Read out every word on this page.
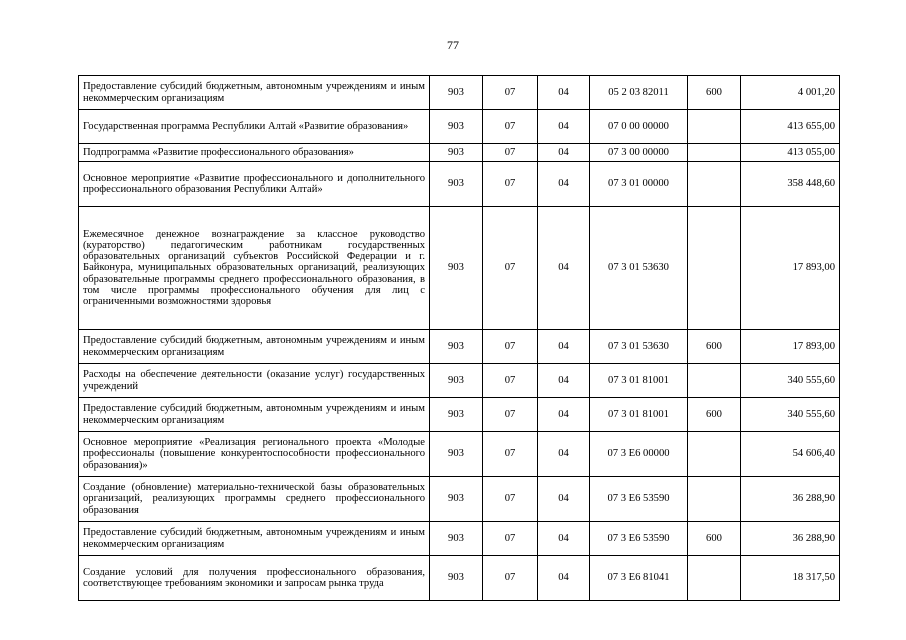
77
Предоставление субсидий бюджетным, автономным учреждениям и иным некоммерческим организациям	903	07	04	05 2 03 82011	600	4 001,20
Государственная программа Республики Алтай «Развитие образования»	903	07	04	07 0 00 00000		413 655,00
Подпрограмма «Развитие профессионального образования»	903	07	04	07 3 00 00000		413 055,00
Основное мероприятие «Развитие профессионального и дополнительного профессионального образования Республики Алтай»	903	07	04	07 3 01 00000		358 448,60
Ежемесячное денежное вознаграждение за классное руководство (кураторство) педагогическим работникам государственных образовательных организаций субъектов Российской Федерации и г. Байконура, муниципальных образовательных организаций, реализующих образовательные программы среднего профессионального образования, в том числе программы профессионального обучения для лиц с ограниченными возможностями здоровья	903	07	04	07 3 01 53630		17 893,00
Предоставление субсидий бюджетным, автономным учреждениям и иным некоммерческим организациям	903	07	04	07 3 01 53630	600	17 893,00
Расходы на обеспечение деятельности (оказание услуг) государственных учреждений	903	07	04	07 3 01 81001		340 555,60
Предоставление субсидий бюджетным, автономным учреждениям и иным некоммерческим организациям	903	07	04	07 3 01 81001	600	340 555,60
Основное мероприятие «Реализация регионального проекта «Молодые профессионалы (повышение конкурентоспособности профессионального образования)»	903	07	04	07 3 Е6 00000		54 606,40
Создание (обновление) материально-технической базы образовательных организаций, реализующих программы среднего профессионального образования	903	07	04	07 3 Е6 53590		36 288,90
Предоставление субсидий бюджетным, автономным учреждениям и иным некоммерческим организациям	903	07	04	07 3 Е6 53590	600	36 288,90
Создание условий для получения профессионального образования, соответствующее требованиям экономики и запросам рынка труда	903	07	04	07 3 Е6 81041		18 317,50
